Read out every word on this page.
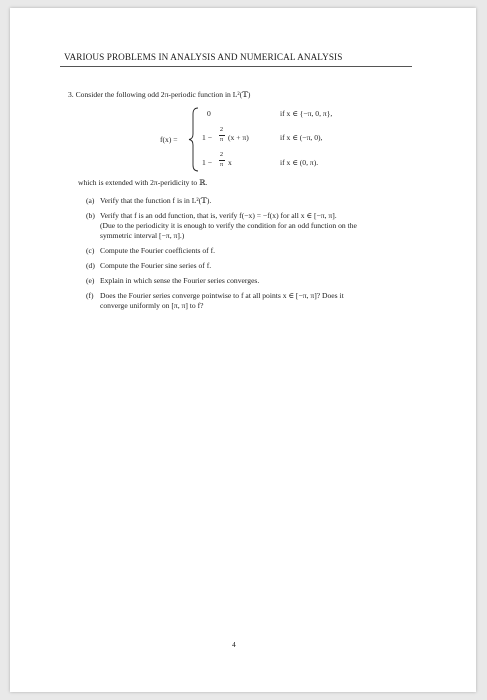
VARIOUS PROBLEMS IN ANALYSIS AND NUMERICAL ANALYSIS
3. Consider the following odd 2π-periodic function in L²(𝕋)
f(x) =
0	if x ∈ {−π, 0, π},
1 −
2
π (x + π)	if x ∈ (−π, 0),
1 −
2
π x	if x ∈ (0, π).
which is extended with 2π-peridicity to ℝ.
(a) Verify that the function f is in L²(𝕋).
(b) Verify that f is an odd function, that is, verify f(−x) = −f(x) for all x ∈ [−π, π].
(Due to the periodicity it is enough to verify the condition for an odd function on the
symmetric interval [−π, π].)
(c) Compute the Fourier coefficients of f.
(d) Compute the Fourier sine series of f.
(e) Explain in which sense the Fourier series converges.
(f) Does the Fourier series converge pointwise to f at all points x ∈ [−π, π]? Does it
converge uniformly on [π, π] to f?
4
